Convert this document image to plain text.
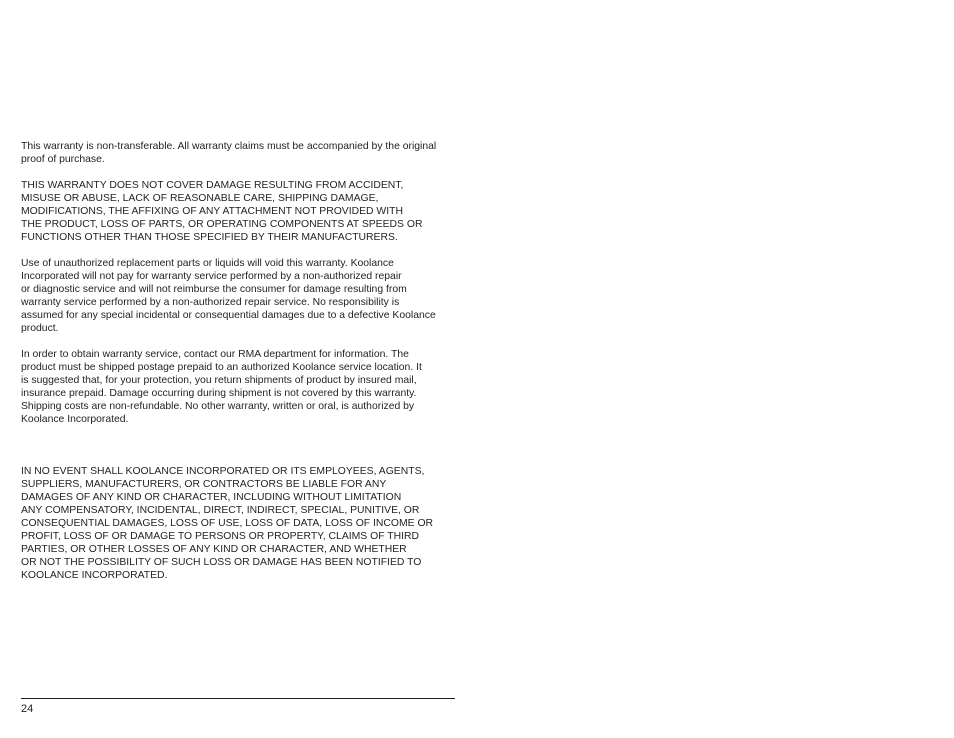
This warranty is non-transferable. All warranty claims must be accompanied by the original
proof of purchase.

THIS WARRANTY DOES NOT COVER DAMAGE RESULTING FROM ACCIDENT,
MISUSE OR ABUSE, LACK OF REASONABLE CARE, SHIPPING DAMAGE,
MODIFICATIONS, THE AFFIXING OF ANY ATTACHMENT NOT PROVIDED WITH
THE PRODUCT, LOSS OF PARTS, OR OPERATING COMPONENTS AT SPEEDS OR
FUNCTIONS OTHER THAN THOSE SPECIFIED BY THEIR MANUFACTURERS.

Use of unauthorized replacement parts or liquids will void this warranty. Koolance
Incorporated will not pay for warranty service performed by a non-authorized repair
or diagnostic service and will not reimburse the consumer for damage resulting from
warranty service performed by a non-authorized repair service. No responsibility is
assumed for any special incidental or consequential damages due to a defective Koolance
product.

In order to obtain warranty service, contact our RMA department for information. The
product must be shipped postage prepaid to an authorized Koolance service location. It
is suggested that, for your protection, you return shipments of product by insured mail,
insurance prepaid. Damage occurring during shipment is not covered by this warranty.
Shipping costs are non-refundable. No other warranty, written or oral, is authorized by
Koolance Incorporated.

IN NO EVENT SHALL KOOLANCE INCORPORATED OR ITS EMPLOYEES, AGENTS,
SUPPLIERS, MANUFACTURERS, OR CONTRACTORS BE LIABLE FOR ANY
DAMAGES OF ANY KIND OR CHARACTER, INCLUDING WITHOUT LIMITATION
ANY COMPENSATORY, INCIDENTAL, DIRECT, INDIRECT, SPECIAL, PUNITIVE, OR
CONSEQUENTIAL DAMAGES, LOSS OF USE, LOSS OF DATA, LOSS OF INCOME OR
PROFIT, LOSS OF OR DAMAGE TO PERSONS OR PROPERTY, CLAIMS OF THIRD
PARTIES, OR OTHER LOSSES OF ANY KIND OR CHARACTER, AND WHETHER
OR NOT THE POSSIBILITY OF SUCH LOSS OR DAMAGE HAS BEEN NOTIFIED TO
KOOLANCE INCORPORATED.

24
